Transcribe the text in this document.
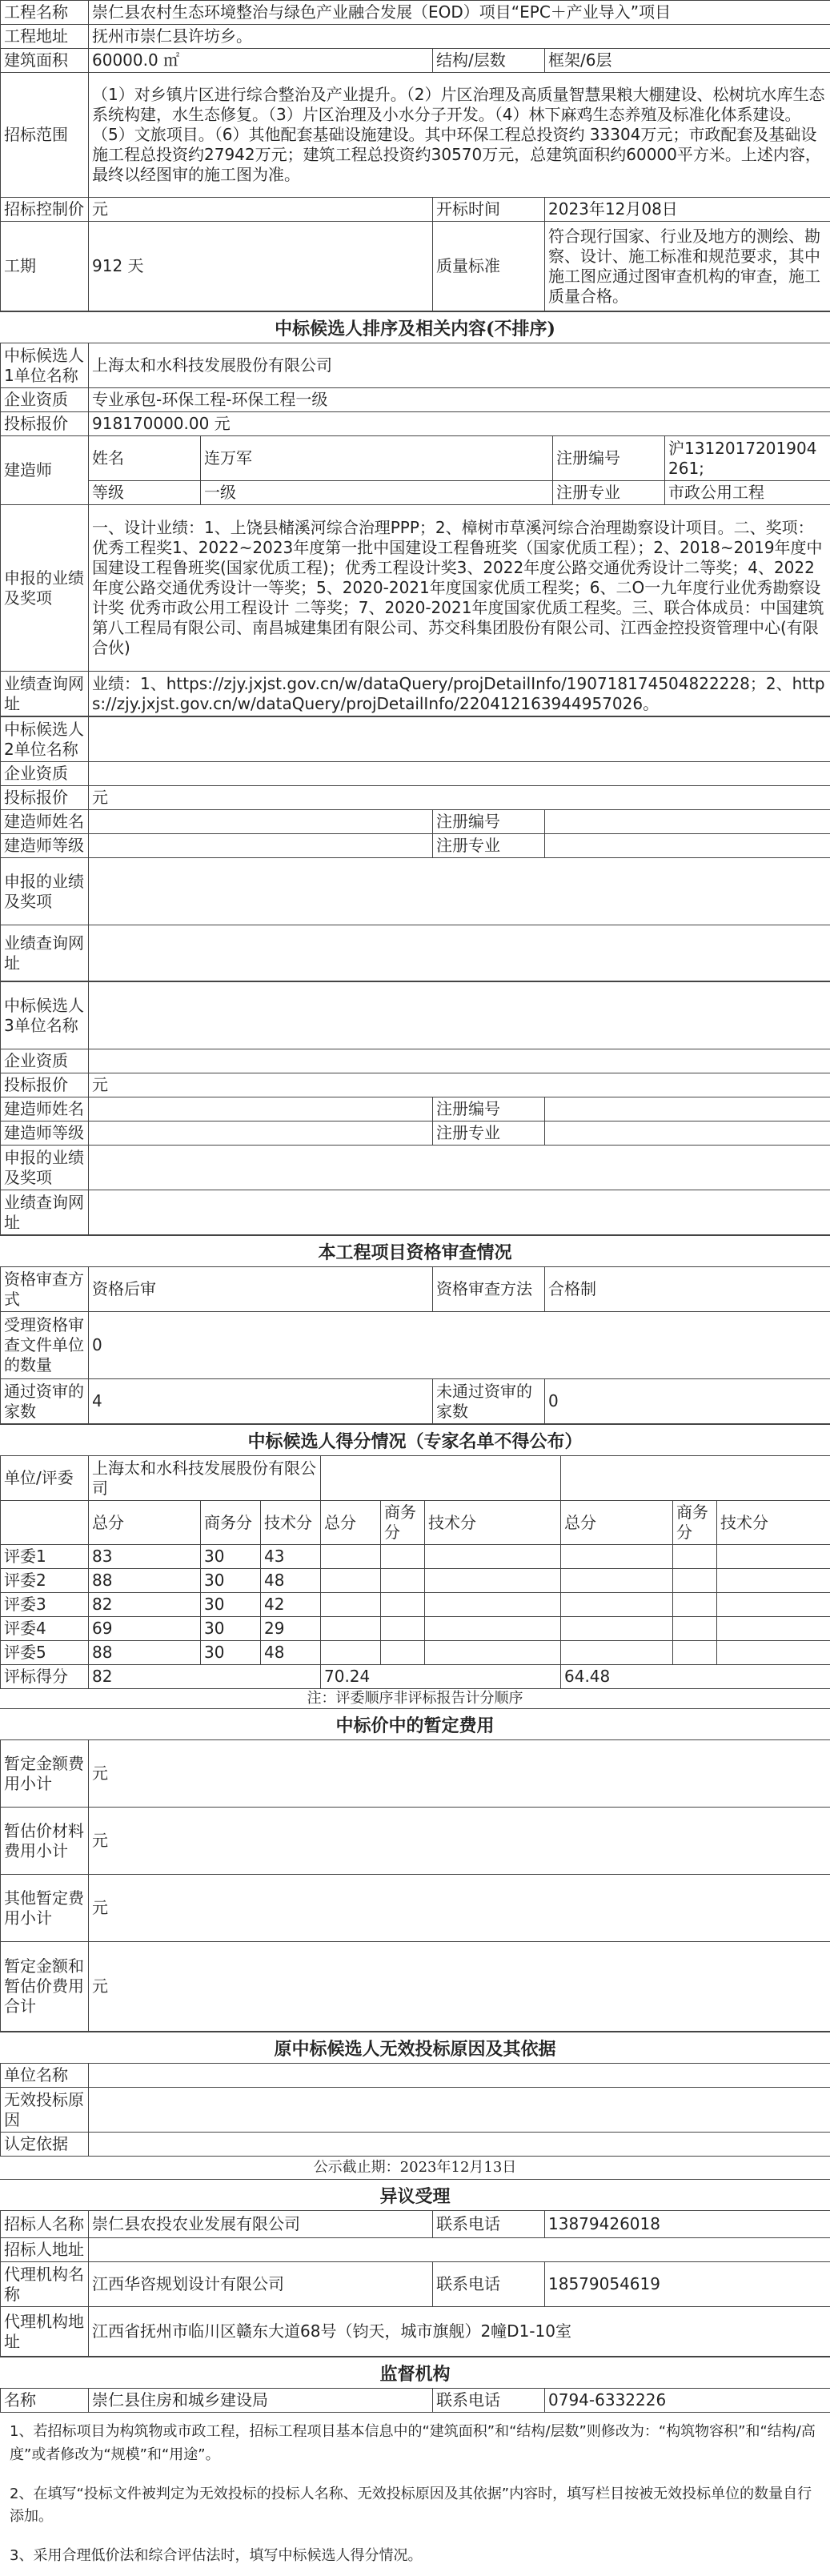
工程名称	崇仁县农村生态环境整治与绿色产业融合发展（EOD）项目“EPC＋产业导入”项目		
工程地址	抚州市崇仁县许坊乡。		
建筑面积	60000.0 ㎡	结构/层数	框架/6层
招标范围	（1）对乡镇片区进行综合整治及产业提升。（2）片区治理及高质量智慧果粮大棚建设、松树坑水库生态系统构建，水生态修复。（3）片区治理及小水分子开发。（4）林下麻鸡生态养殖及标准化体系建设。（5）文旅项目。（6）其他配套基础设施建设。其中环保工程总投资约 33304万元；市政配套及基础设施工程总投资约27942万元；建筑工程总投资约30570万元，总建筑面积约60000平方米。上述内容，最终以经图审的施工图为准。		
招标控制价	元	开标时间	2023年12月08日
工期	912 天	质量标准	符合现行国家、行业及地方的测绘、勘察、设计、施工标准和规范要求，其中施工图应通过图审查机构的审查，施工质量合格。
中标候选人排序及相关内容(不排序)
中标候选人1单位名称	上海太和水科技发展股份有限公司			
企业资质	专业承包-环保工程-环保工程一级			
投标报价	918170000.00 元			
建造师	姓名	连万军	注册编号	沪1312017201904261;
	等级	一级	注册专业	市政公用工程
申报的业绩及奖项	一、设计业绩：1、上饶县槠溪河综合治理PPP；2、樟树市草溪河综合治理勘察设计项目。二、奖项：优秀工程奖1、2022~2023年度第一批中国建设工程鲁班奖（国家优质工程）；2、2018~2019年度中国建设工程鲁班奖(国家优质工程)；优秀工程设计奖3、2022年度公路交通优秀设计二等奖；4、2022年度公路交通优秀设计一等奖；5、2020-2021年度国家优质工程奖；6、二O一九年度行业优秀勘察设计奖 优秀市政公用工程设计 二等奖；7、2020-2021年度国家优质工程奖。三、联合体成员：中国建筑第八工程局有限公司、南昌城建集团有限公司、苏交科集团股份有限公司、江西金控投资管理中心(有限合伙)			
业绩查询网址	业绩：1、https://zjy.jxjst.gov.cn/w/dataQuery/projDetailInfo/190718174504822228；2、https://zjy.jxjst.gov.cn/w/dataQuery/projDetailInfo/220412163944957026。			
中标候选人2单位名称			
企业资质			
投标报价	元		
建造师姓名		注册编号	
建造师等级		注册专业	
申报的业绩及奖项			
业绩查询网址			
中标候选人3单位名称			
企业资质			
投标报价	元		
建造师姓名		注册编号	
建造师等级		注册专业	
申报的业绩及奖项			
业绩查询网址			
本工程项目资格审查情况
资格审查方式	资格后审	资格审查方法	合格制
受理资格审查文件单位的数量	0		
通过资审的家数	4	未通过资审的家数	0
中标候选人得分情况（专家名单不得公布）
单位/评委	上海太和水科技发展股份有限公司								
	总分	商务分	技术分	总分	商务分	技术分	总分	商务分	技术分
评委1	83	30	43						
评委2	88	30	48						
评委3	82	30	42						
评委4	69	30	29						
评委5	88	30	48						
评标得分	82			70.24			64.48		
注：评委顺序非评标报告计分顺序
中标价中的暂定费用
暂定金额费用小计	元
暂估价材料费用小计	元
其他暂定费用小计	元
暂定金额和暂估价费用合计	元
原中标候选人无效投标原因及其依据
单位名称	
无效投标原因	
认定依据	
公示截止期：2023年12月13日
异议受理
招标人名称	崇仁县农投农业发展有限公司	联系电话	13879426018
招标人地址			
代理机构名称	江西华咨规划设计有限公司	联系电话	18579054619
代理机构地址	江西省抚州市临川区赣东大道68号（钧天，城市旗舰）2幢D1-10室		
监督机构
名称	崇仁县住房和城乡建设局	联系电话	0794-6332226

1、若招标项目为构筑物或市政工程，招标工程项目基本信息中的“建筑面积”和“结构/层数”则修改为：“构筑物容积”和“结构/高度”或者修改为“规模”和“用途”。

2、在填写“投标文件被判定为无效投标的投标人名称、无效投标原因及其依据”内容时，填写栏目按被无效投标单位的数量自行添加。

3、采用合理低价法和综合评估法时，填写中标候选人得分情况。
